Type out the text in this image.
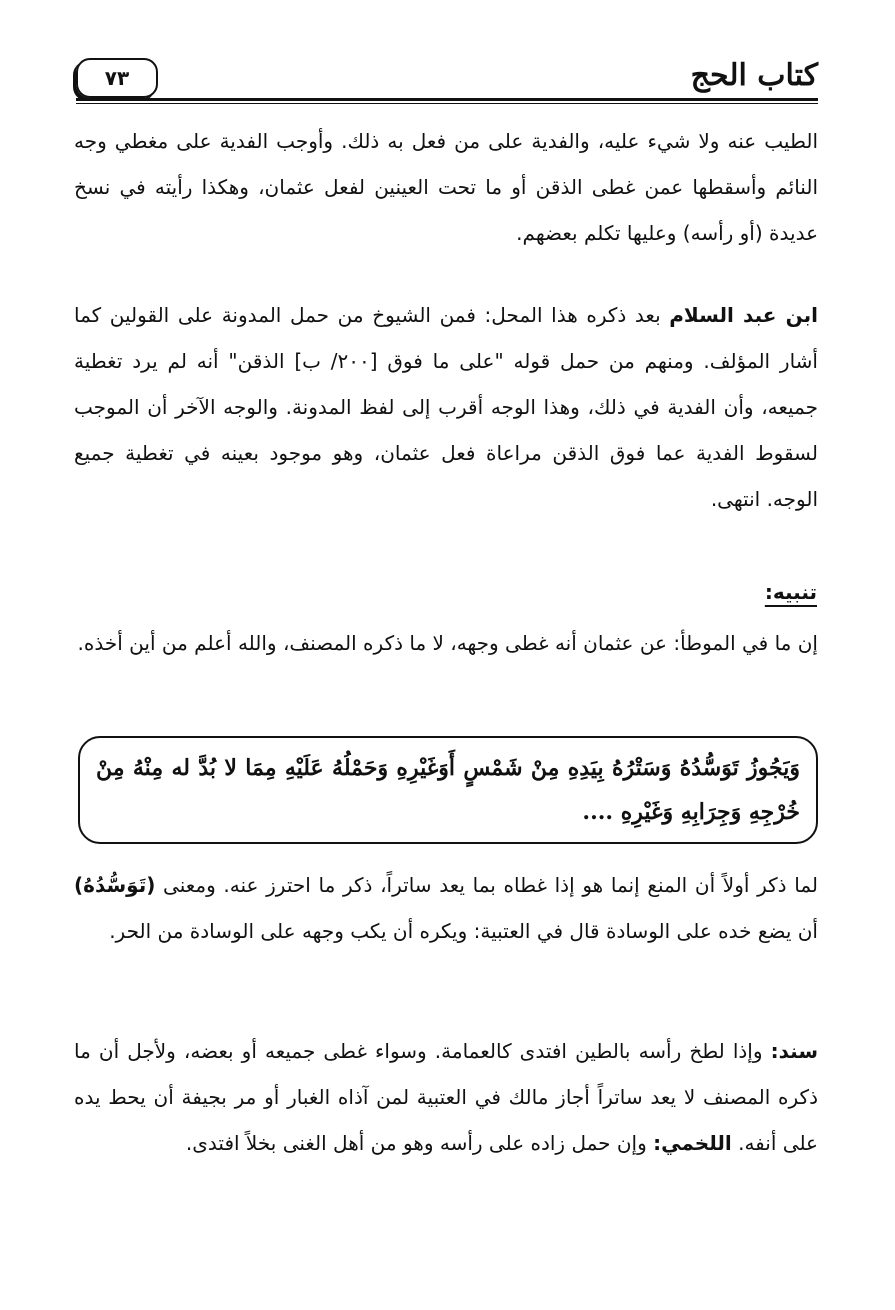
كتاب الحج
٧٣
الطيب عنه ولا شيء عليه، والفدية على من فعل به ذلك. وأوجب الفدية على مغطي وجه النائم وأسقطها عمن غطى الذقن أو ما تحت العينين لفعل عثمان، وهكذا رأيته في نسخ عديدة (أو رأسه) وعليها تكلم بعضهم.
ابن عبد السلام بعد ذكره هذا المحل: فمن الشيوخ من حمل المدونة على القولين كما أشار المؤلف. ومنهم من حمل قوله "على ما فوق [٢٠٠/ ب] الذقن" أنه لم يرد تغطية جميعه، وأن الفدية في ذلك، وهذا الوجه أقرب إلى لفظ المدونة. والوجه الآخر أن الموجب لسقوط الفدية عما فوق الذقن مراعاة فعل عثمان، وهو موجود بعينه في تغطية جميع الوجه. انتهى.
تنبيه:
إن ما في الموطأ: عن عثمان أنه غطى وجهه، لا ما ذكره المصنف، والله أعلم من أين أخذه.
وَيَجُوزُ تَوَسُّدُهُ وَسَتْرُهُ بِيَدِهِ مِنْ شَمْسٍ أَوَغَيْرِهِ وَحَمْلُهُ عَلَيْهِ مِمَا لا بُدَّ له مِنْهُ مِنْ خُرْجِهِ وَجِرَابِهِ وَغَيْرِهِ ....
لما ذكر أولاً أن المنع إنما هو إذا غطاه بما يعد ساتراً، ذكر ما احترز عنه. ومعنى (تَوَسُّدُهُ) أن يضع خده على الوسادة قال في العتبية: ويكره أن يكب وجهه على الوسادة من الحر.
سند: وإذا لطخ رأسه بالطين افتدى كالعمامة. وسواء غطى جميعه أو بعضه، ولأجل أن ما ذكره المصنف لا يعد ساتراً أجاز مالك في العتبية لمن آذاه الغبار أو مر بجيفة أن يحط يده على أنفه. اللخمي: وإن حمل زاده على رأسه وهو من أهل الغنى بخلاً افتدى.
